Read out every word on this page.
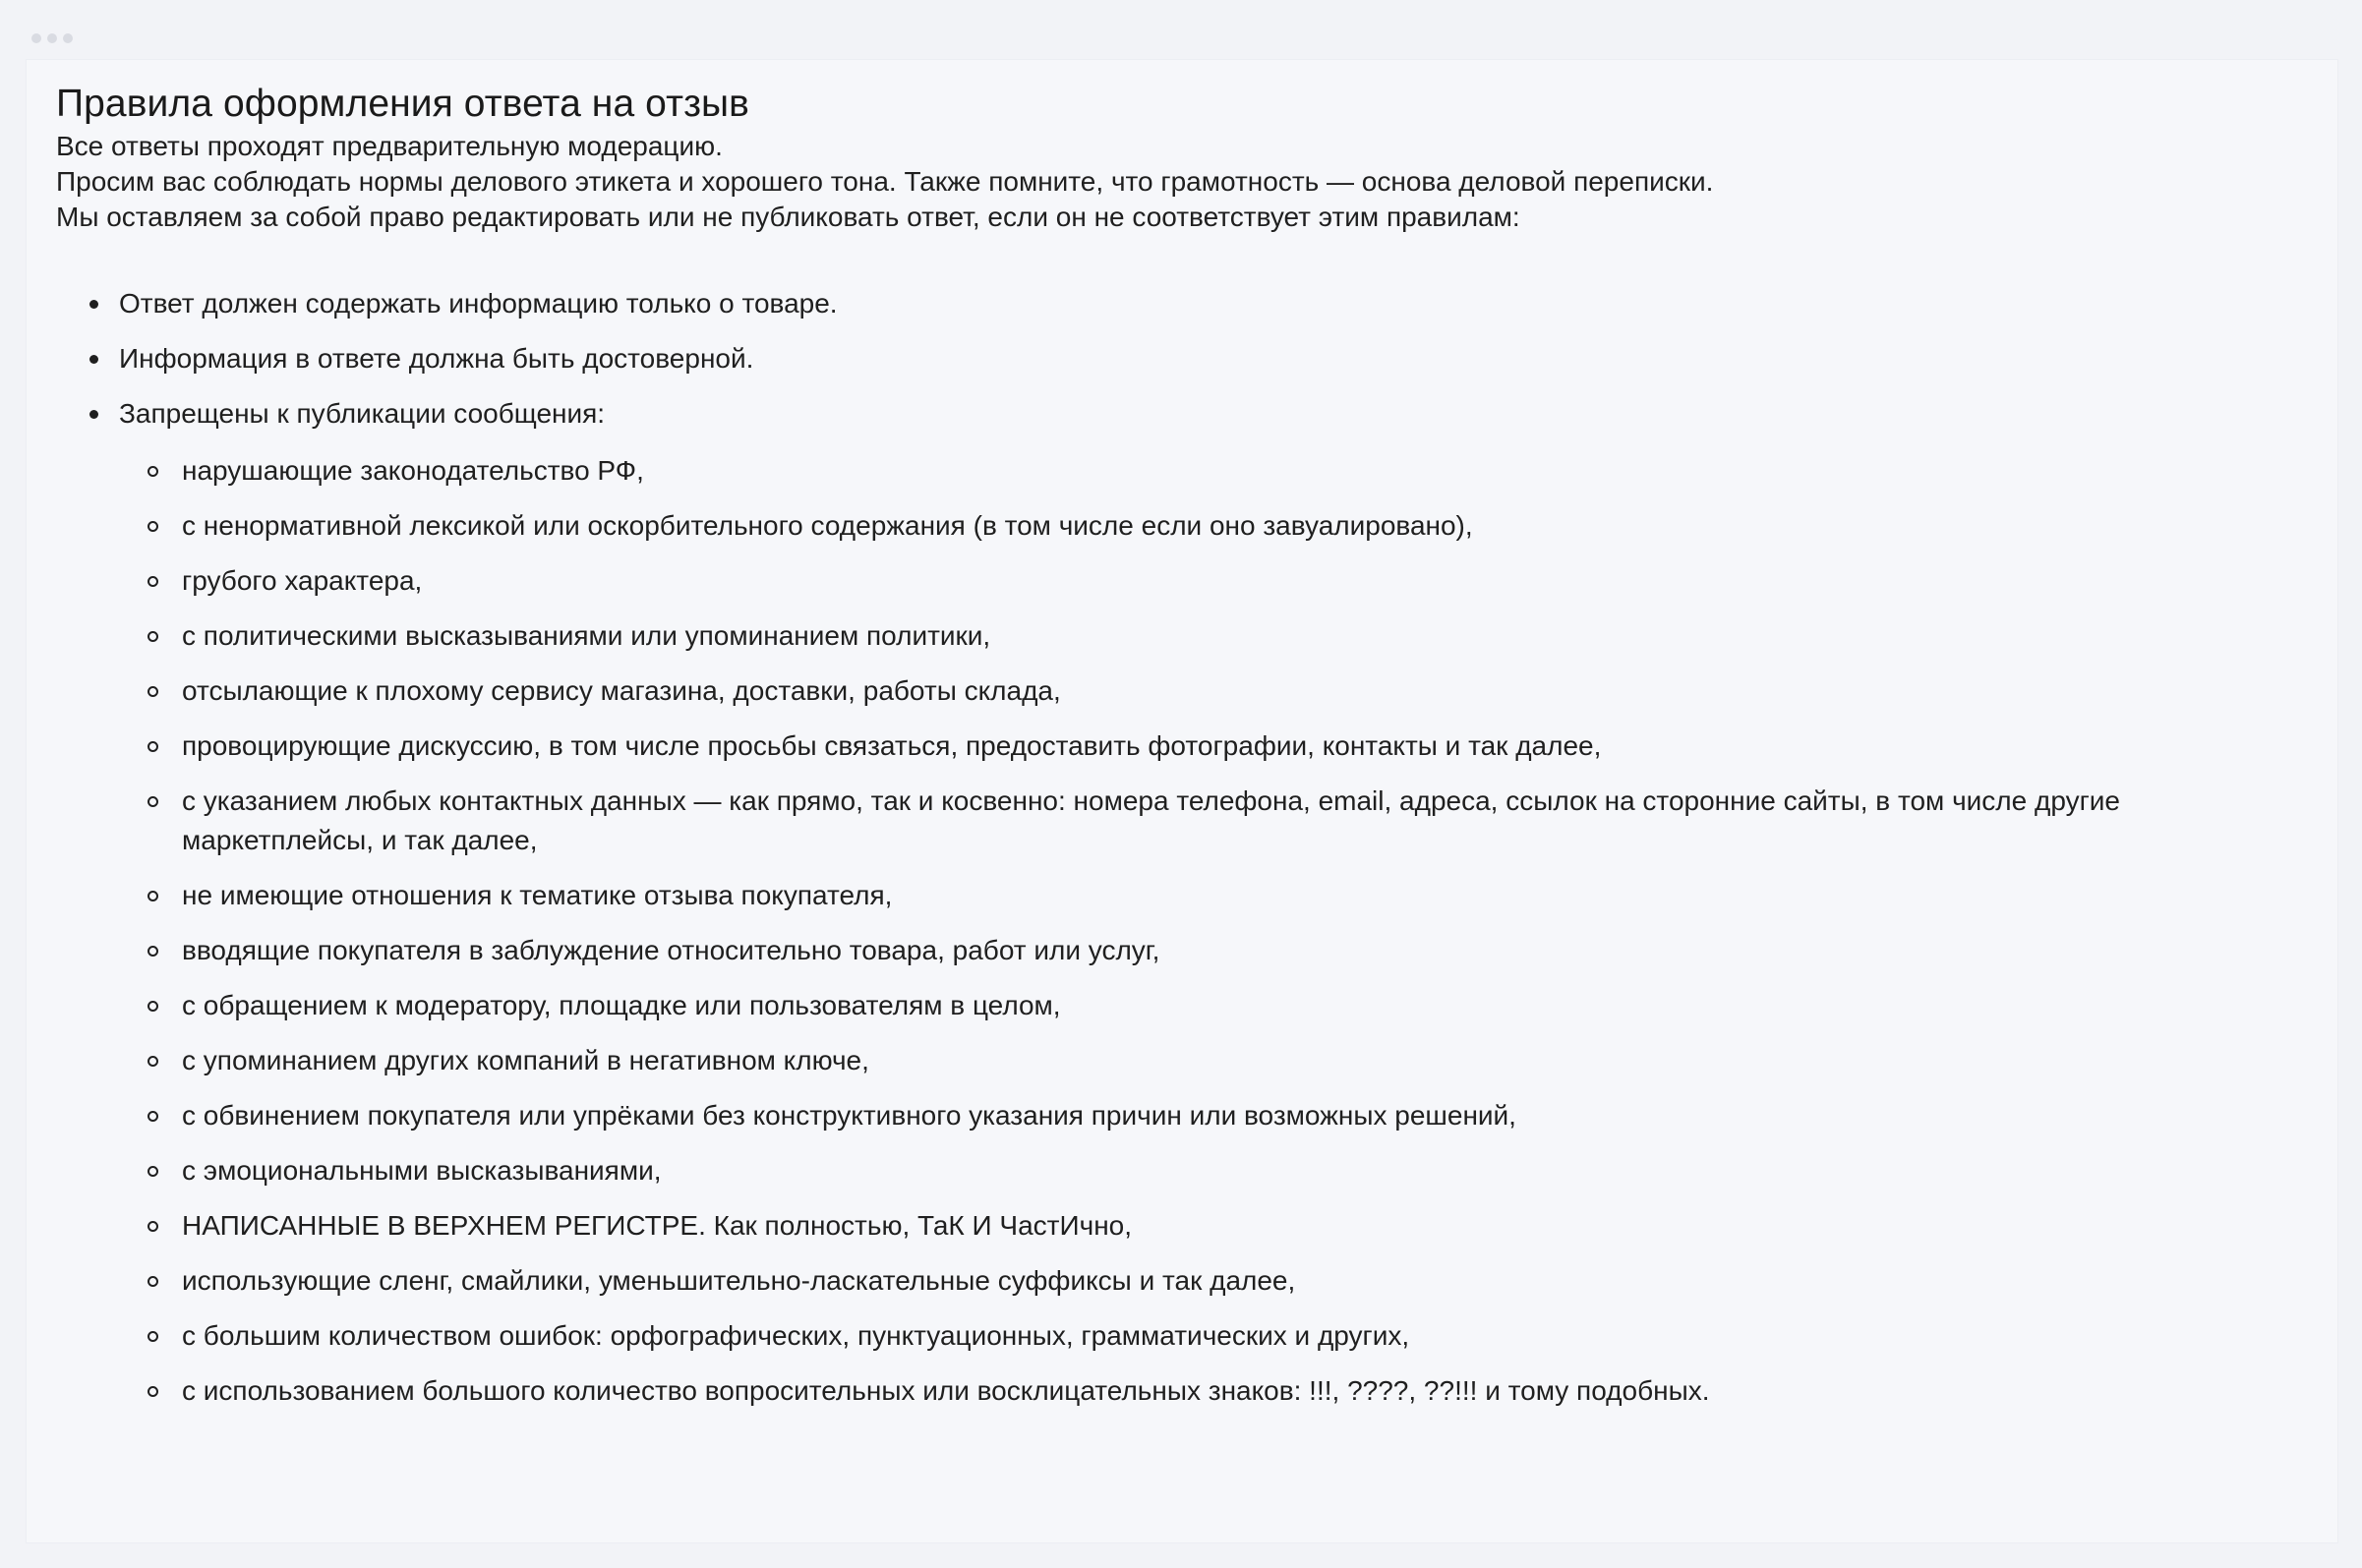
Правила оформления ответа на отзыв

Все ответы проходят предварительную модерацию.

Просим вас соблюдать нормы делового этикета и хорошего тона. Также помните, что грамотность — основа деловой переписки.

Мы оставляем за собой право редактировать или не публиковать ответ, если он не соответствует этим правилам:

Ответ должен содержать информацию только о товаре.
Информация в ответе должна быть достоверной.
Запрещены к публикации сообщения:
нарушающие законодательство РФ,
с ненормативной лексикой или оскорбительного содержания (в том числе если оно завуалировано),
грубого характера,
с политическими высказываниями или упоминанием политики,
отсылающие к плохому сервису магазина, доставки, работы склада,
провоцирующие дискуссию, в том числе просьбы связаться, предоставить фотографии, контакты и так далее,
с указанием любых контактных данных — как прямо, так и косвенно: номера телефона, email, адреса, ссылок на сторонние сайты, в том числе другие маркетплейсы, и так далее,
не имеющие отношения к тематике отзыва покупателя,
вводящие покупателя в заблуждение относительно товара, работ или услуг,
с обращением к модератору, площадке или пользователям в целом,
с упоминанием других компаний в негативном ключе,
с обвинением покупателя или упрёками без конструктивного указания причин или возможных решений,
с эмоциональными высказываниями,
НАПИСАННЫЕ В ВЕРХНЕМ РЕГИСТРЕ. Как полностью, ТаК И ЧастИчно,
использующие сленг, смайлики, уменьшительно-ласкательные суффиксы и так далее,
с большим количеством ошибок: орфографических, пунктуационных, грамматических и других,
с использованием большого количество вопросительных или восклицательных знаков: !!!, ????, ??!!! и тому подобных.
